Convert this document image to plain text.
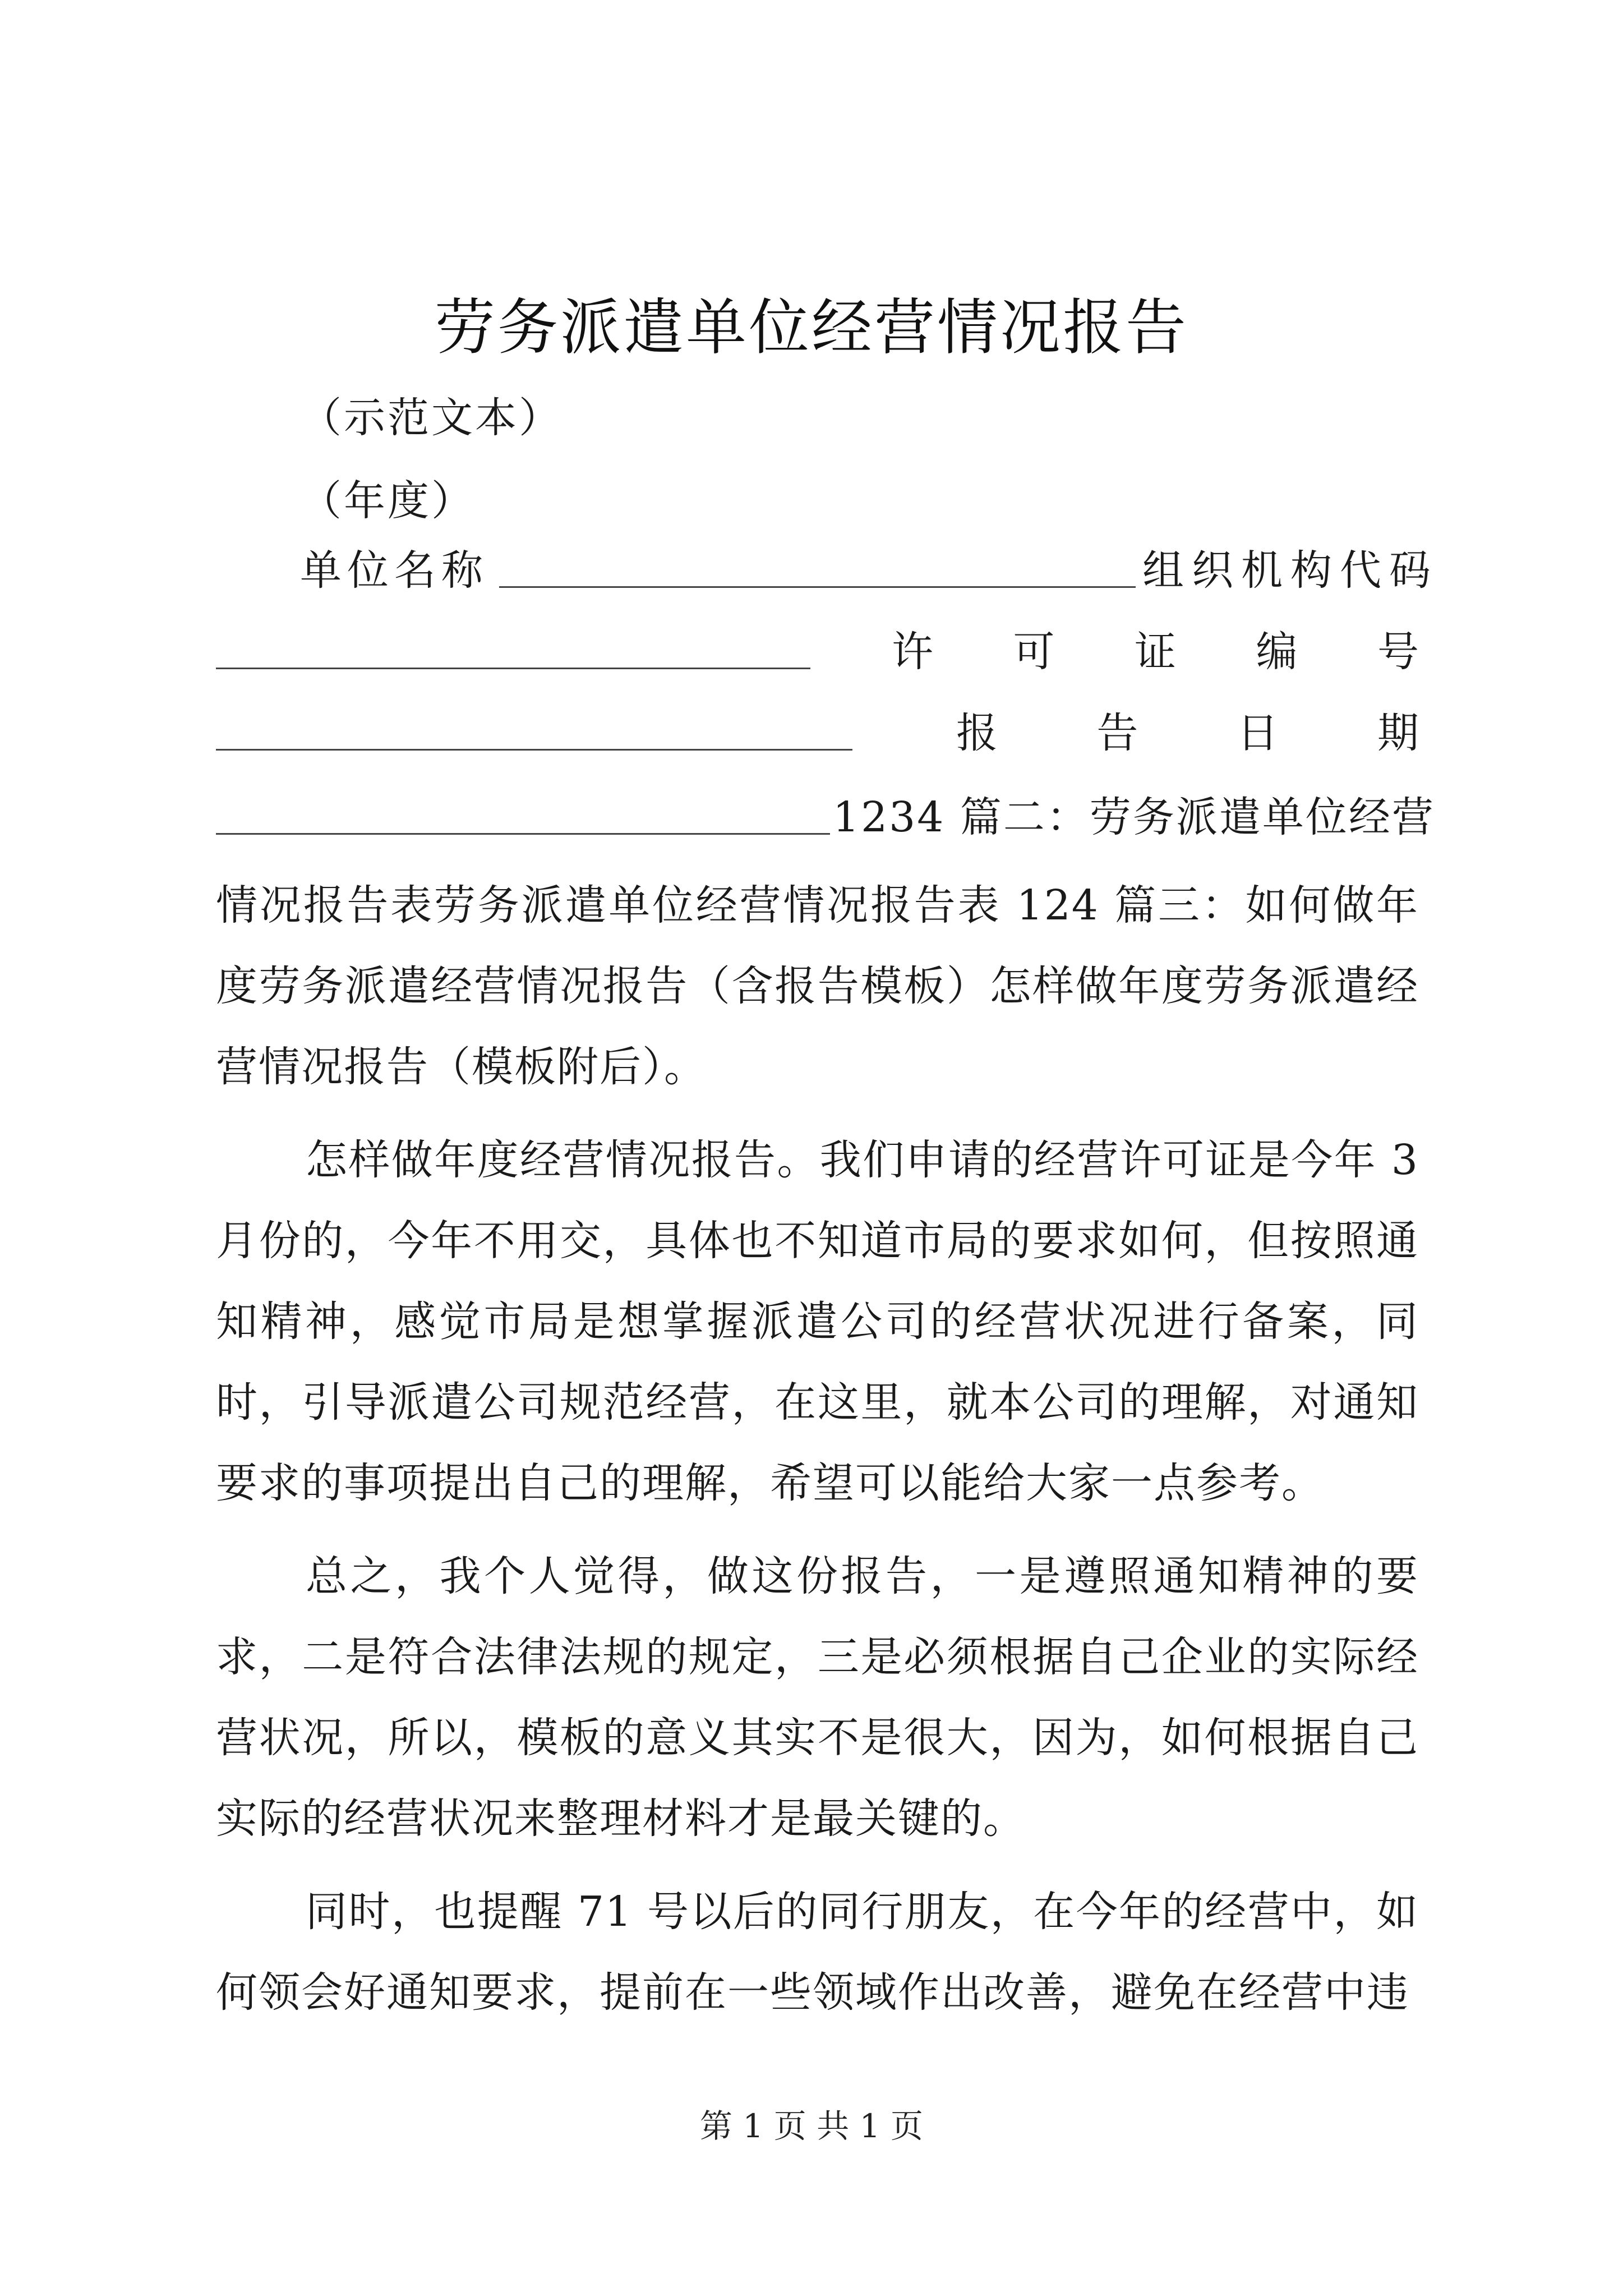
劳务派遣单位经营情况报告
（示范文本）
（年度）
单位名称	组织机构代码
许 可 证 编 号
报 告 日 期
1234 篇二：劳务派遣单位经营

情况报告表劳务派遣单位经营情况报告表 124 篇三：如何做年度劳务派遣经营情况报告（含报告模板）怎样做年度劳务派遣经营情况报告（模板附后）。

怎样做年度经营情况报告。我们申请的经营许可证是今年 3 月份的，今年不用交，具体也不知道市局的要求如何，但按照通知精神，感觉市局是想掌握派遣公司的经营状况进行备案，同时，引导派遣公司规范经营，在这里，就本公司的理解，对通知要求的事项提出自己的理解，希望可以能给大家一点参考。

总之，我个人觉得，做这份报告，一是遵照通知精神的要求，二是符合法律法规的规定，三是必须根据自己企业的实际经营状况，所以，模板的意义其实不是很大，因为，如何根据自己实际的经营状况来整理材料才是最关键的。

同时，也提醒 71 号以后的同行朋友，在今年的经营中，如何领会好通知要求，提前在一些领域作出改善，避免在经营中违

第 1 页 共 1 页
